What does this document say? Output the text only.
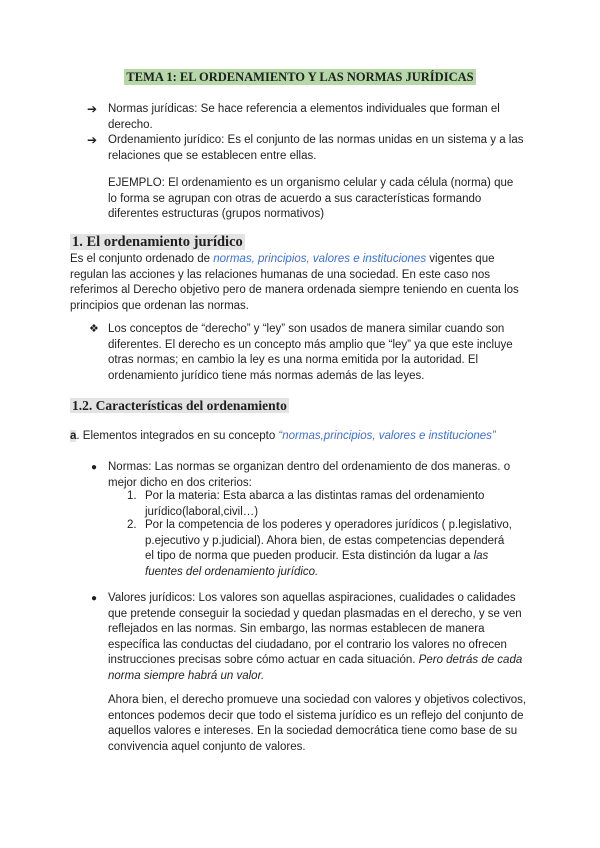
TEMA 1: EL ORDENAMIENTO Y LAS NORMAS JURÍDICAS
➔ Normas jurídicas: Se hace referencia a elementos individuales que forman el derecho.
➔ Ordenamiento jurídico: Es el conjunto de las normas unidas en un sistema y a las relaciones que se establecen entre ellas.
EJEMPLO: El ordenamiento es un organismo celular y cada célula (norma) que lo forma se agrupan con otras de acuerdo a sus características formando diferentes estructuras (grupos normativos)
1. El ordenamiento jurídico
Es el conjunto ordenado de normas, principios, valores e instituciones vigentes que regulan las acciones y las relaciones humanas de una sociedad. En este caso nos referimos al Derecho objetivo pero de manera ordenada siempre teniendo en cuenta los principios que ordenan las normas.
❖ Los conceptos de “derecho” y “ley” son usados de manera similar cuando son diferentes. El derecho es un concepto más amplio que “ley” ya que este incluye otras normas; en cambio la ley es una norma emitida por la autoridad. El ordenamiento jurídico tiene más normas además de las leyes.
1.2. Características del ordenamiento
a. Elementos integrados en su concepto “normas,principios, valores e instituciones”
● Normas: Las normas se organizan dentro del ordenamiento de dos maneras. o mejor dicho en dos criterios:
1. Por la materia: Esta abarca a las distintas ramas del ordenamiento jurídico(laboral,civil…)
2. Por la competencia de los poderes y operadores jurídicos ( p.legislativo, p.ejecutivo y p.judicial). Ahora bien, de estas competencias dependerá el tipo de norma que pueden producir. Esta distinción da lugar a las fuentes del ordenamiento jurídico.
● Valores jurídicos: Los valores son aquellas aspiraciones, cualidades o calidades que pretende conseguir la sociedad y quedan plasmadas en el derecho, y se ven reflejados en las normas. Sin embargo, las normas establecen de manera específica las conductas del ciudadano, por el contrario los valores no ofrecen instrucciones precisas sobre cómo actuar en cada situación. Pero detrás de cada norma siempre habrá un valor.
Ahora bien, el derecho promueve una sociedad con valores y objetivos colectivos, entonces podemos decir que todo el sistema jurídico es un reflejo del conjunto de aquellos valores e intereses. En la sociedad democrática tiene como base de su convivencia aquel conjunto de valores.
